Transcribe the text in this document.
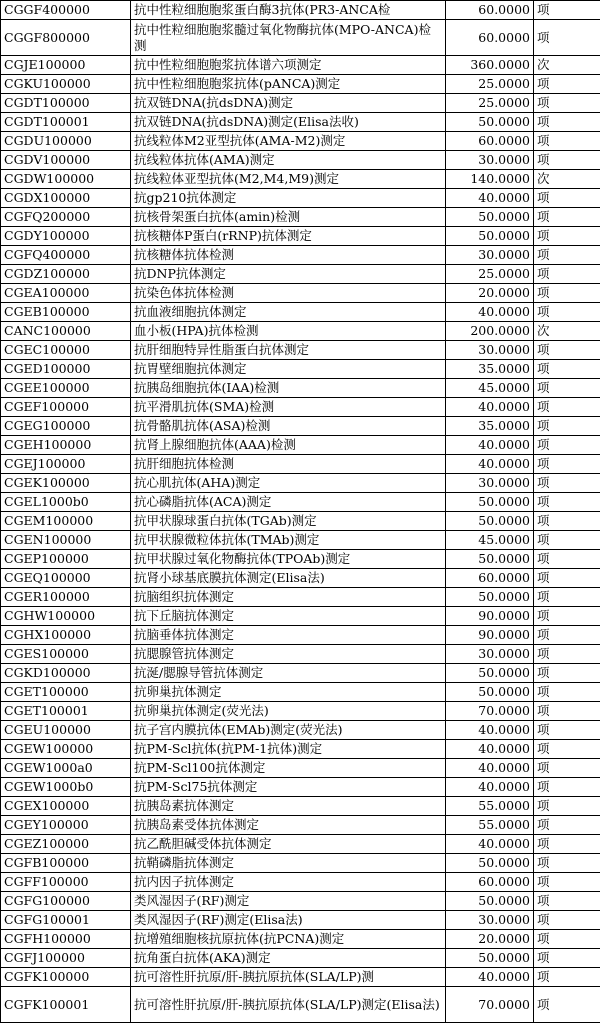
CGGF400000	抗中性粒细胞胞浆蛋白酶3抗体(PR3-ANCA检	60.0000	项
CGGF800000	抗中性粒细胞胞浆髓过氧化物酶抗体(MPO-ANCA)检测	60.0000	项
CGJE100000	抗中性粒细胞胞浆抗体谱六项测定	360.0000	次
CGKU100000	抗中性粒细胞胞浆抗体(pANCA)测定	25.0000	项
CGDT100000	抗双链DNA(抗dsDNA)测定	25.0000	项
CGDT100001	抗双链DNA(抗dsDNA)测定(Elisa法收)	50.0000	项
CGDU100000	抗线粒体M2亚型抗体(AMA-M2)测定	60.0000	项
CGDV100000	抗线粒体抗体(AMA)测定	30.0000	项
CGDW100000	抗线粒体亚型抗体(M2,M4,M9)测定	140.0000	次
CGDX100000	抗gp210抗体测定	40.0000	项
CGFQ200000	抗核骨架蛋白抗体(amin)检测	50.0000	项
CGDY100000	抗核糖体P蛋白(rRNP)抗体测定	50.0000	项
CGFQ400000	抗核糖体抗体检测	30.0000	项
CGDZ100000	抗DNP抗体测定	25.0000	项
CGEA100000	抗染色体抗体检测	20.0000	项
CGEB100000	抗血液细胞抗体测定	40.0000	项
CANC100000	血小板(HPA)抗体检测	200.0000	次
CGEC100000	抗肝细胞特异性脂蛋白抗体测定	30.0000	项
CGED100000	抗胃壁细胞抗体测定	35.0000	项
CGEE100000	抗胰岛细胞抗体(IAA)检测	45.0000	项
CGEF100000	抗平滑肌抗体(SMA)检测	40.0000	项
CGEG100000	抗骨骼肌抗体(ASA)检测	35.0000	项
CGEH100000	抗肾上腺细胞抗体(AAA)检测	40.0000	项
CGEJ100000	抗肝细胞抗体检测	40.0000	项
CGEK100000	抗心肌抗体(AHA)测定	30.0000	项
CGEL1000b0	抗心磷脂抗体(ACA)测定	50.0000	项
CGEM100000	抗甲状腺球蛋白抗体(TGAb)测定	50.0000	项
CGEN100000	抗甲状腺微粒体抗体(TMAb)测定	45.0000	项
CGEP100000	抗甲状腺过氧化物酶抗体(TPOAb)测定	50.0000	项
CGEQ100000	抗肾小球基底膜抗体测定(Elisa法)	60.0000	项
CGER100000	抗脑组织抗体测定	50.0000	项
CGHW100000	抗下丘脑抗体测定	90.0000	项
CGHX100000	抗脑垂体抗体测定	90.0000	项
CGES100000	抗腮腺管抗体测定	30.0000	项
CGKD100000	抗涎/腮腺导管抗体测定	50.0000	项
CGET100000	抗卵巢抗体测定	50.0000	项
CGET100001	抗卵巢抗体测定(荧光法)	70.0000	项
CGEU100000	抗子宫内膜抗体(EMAb)测定(荧光法)	40.0000	项
CGEW100000	抗PM-Scl抗体(抗PM-1抗体)测定	40.0000	项
CGEW1000a0	抗PM-Scl100抗体测定	40.0000	项
CGEW1000b0	抗PM-Scl75抗体测定	40.0000	项
CGEX100000	抗胰岛素抗体测定	55.0000	项
CGEY100000	抗胰岛素受体抗体测定	55.0000	项
CGEZ100000	抗乙酰胆碱受体抗体测定	40.0000	项
CGFB100000	抗鞘磷脂抗体测定	50.0000	项
CGFF100000	抗内因子抗体测定	60.0000	项
CGFG100000	类风湿因子(RF)测定	50.0000	项
CGFG100001	类风湿因子(RF)测定(Elisa法)	30.0000	项
CGFH100000	抗增殖细胞核抗原抗体(抗PCNA)测定	20.0000	项
CGFJ100000	抗角蛋白抗体(AKA)测定	50.0000	项
CGFK100000	抗可溶性肝抗原/肝-胰抗原抗体(SLA/LP)测	40.0000	项
CGFK100001	抗可溶性肝抗原/肝-胰抗原抗体(SLA/LP)测定(Elisa法)	70.0000	项
